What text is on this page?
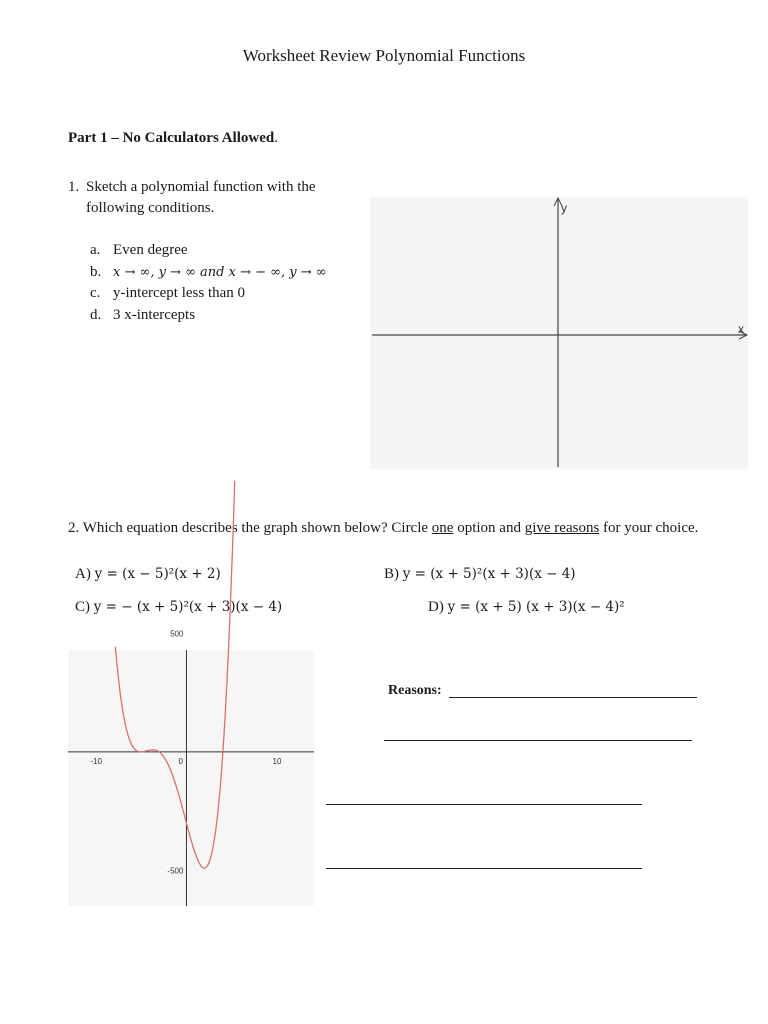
Worksheet Review Polynomial Functions
Part 1 – No Calculators Allowed.
1. Sketch a polynomial function with the following conditions.
a. Even degree
b. x → ∞, y → ∞ and x → − ∞, y → ∞
c. y-intercept less than 0
d. 3 x-intercepts
y
x
2. Which equation describes the graph shown below? Circle one option and give reasons for your choice.
A) y = (x − 5)²(x + 2)	B) y = (x + 5)²(x + 3)(x − 4)
C) y = − (x + 5)²(x + 3)(x − 4)	D) y = (x + 5) (x + 3)(x − 4)²
-10	0	10
500
-500
Reasons:
